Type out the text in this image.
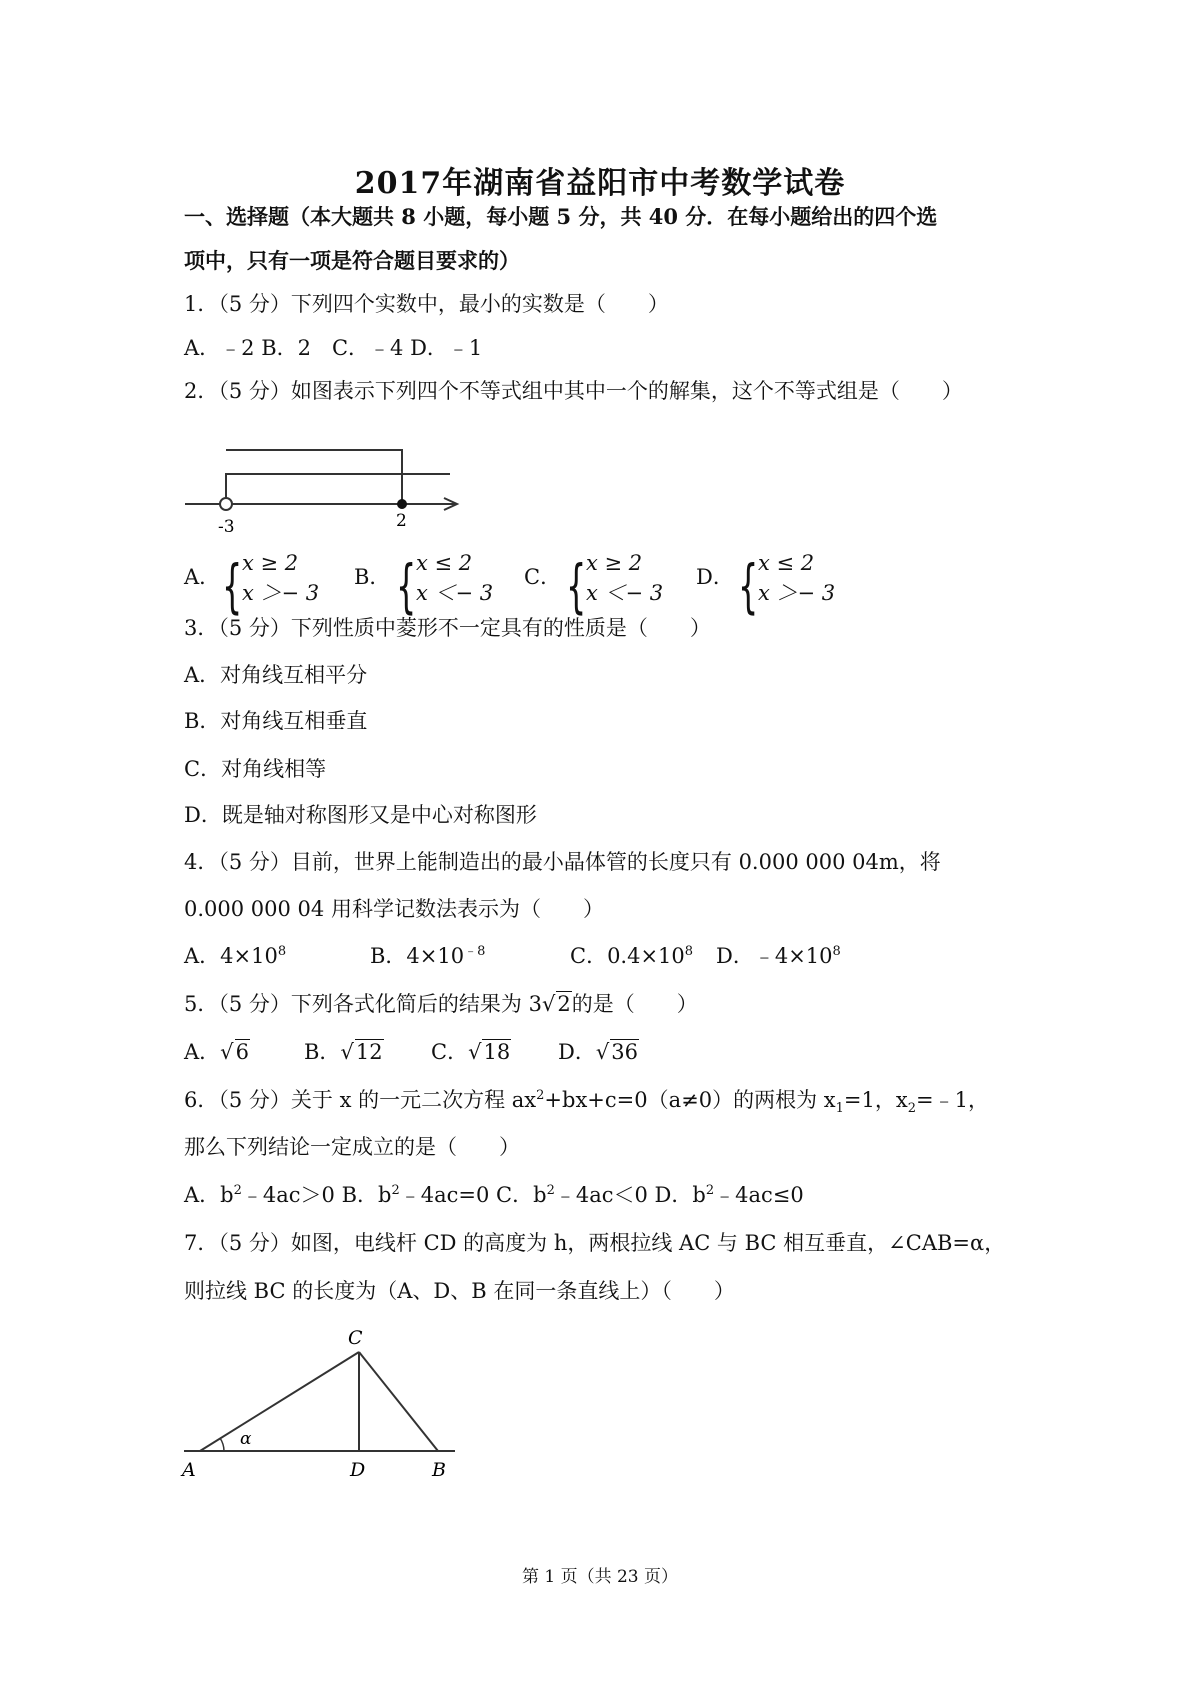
2017年湖南省益阳市中考数学试卷
一、选择题（本大题共 8 小题，每小题 5 分，共 40 分．在每小题给出的四个选
项中，只有一项是符合题目要求的）
1．（5 分）下列四个实数中，最小的实数是（　　）
A．﹣2 B．2　C．﹣4 D．﹣1
2．（5 分）如图表示下列四个不等式组中其中一个的解集，这个不等式组是（　　）
-3	2
A． { x ≥ 2
x ＞− 3
B． { x ≤ 2
x ＜− 3
C． { x ≥ 2
x ＜− 3
D． { x ≤ 2
x ＞− 3
3．（5 分）下列性质中菱形不一定具有的性质是（　　）
A．对角线互相平分
B．对角线互相垂直
C．对角线相等
D．既是轴对称图形又是中心对称图形
4．（5 分）目前，世界上能制造出的最小晶体管的长度只有 0.000 000 04m，将
0.000 000 04 用科学记数法表示为（　　）
A．$4\times 10^8$	B．$4\times 10^{﹣8}$	C．$0.4\times 10^8$ D．$﹣4\times 10^8$
5．（5 分）下列各式化简后的结果为 3√2的是（　　）
A．√6	B．√12 C．√18 D．√36
6．（5 分）关于 x 的一元二次方程 $ax^2+bx+c=0(a\ne 0)$的两根为 $x_1=1$，$x_2=﹣1$，
那么下列结论一定成立的是（　　）
A．$b^2﹣4ac>0$ B．$b^2﹣4ac=0$ C．$b^2﹣4ac<0$ D．$b^2﹣4ac\le 0$
7．（5 分）如图，电线杆 CD 的高度为 h，两根拉线 AC 与 BC 相互垂直，∠CAB=α，
则拉线 BC 的长度为（A、D、B 在同一条直线上）（　　）
C
A	D	B
α
第 1 页（共 23 页）
